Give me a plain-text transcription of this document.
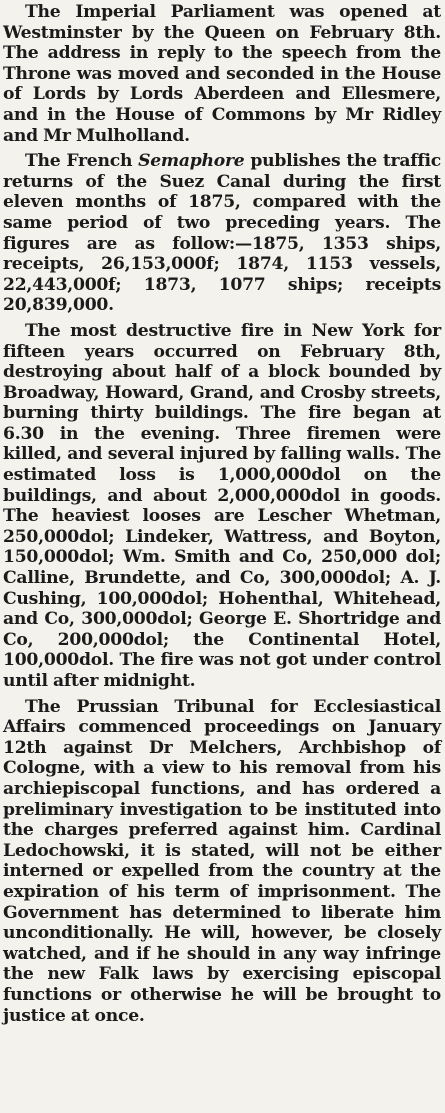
The Imperial Parliament was opened at Westminster by the Queen on February 8th. The address in reply to the speech from the Throne was moved and seconded in the House of Lords by Lords Aberdeen and Ellesmere, and in the House of Commons by Mr Ridley and Mr Mulholland.

The French Semaphore publishes the traffic returns of the Suez Canal during the first eleven months of 1875, compared with the same period of two preceding years. The figures are as follow:—1875, 1353 ships, receipts, 26,153,000f; 1874, 1153 vessels, 22,443,000f; 1873, 1077 ships; receipts 20,839,000.

The most destructive fire in New York for fifteen years occurred on February 8th, destroying about half of a block bounded by Broadway, Howard, Grand, and Crosby streets, burning thirty buildings. The fire began at 6.30 in the evening. Three firemen were killed, and several injured by falling walls. The estimated loss is 1,000,000dol on the buildings, and about 2,000,000dol in goods. The heaviest looses are Lescher Whetman, 250,000dol; Lindeker, Wattress, and Boyton, 150,000dol; Wm. Smith and Co, 250,000 dol; Calline, Brundette, and Co, 300,000dol; A. J. Cushing, 100,000dol; Hohenthal, Whitehead, and Co, 300,000dol; George E. Shortridge and Co, 200,000dol; the Continental Hotel, 100,000dol. The fire was not got under control until after midnight.

The Prussian Tribunal for Ecclesiastical Affairs commenced proceedings on January 12th against Dr Melchers, Archbishop of Cologne, with a view to his removal from his archiepiscopal functions, and has ordered a preliminary investigation to be instituted into the charges preferred against him. Cardinal Ledochowski, it is stated, will not be either interned or expelled from the country at the expiration of his term of imprisonment. The Government has determined to liberate him unconditionally. He will, however, be closely watched, and if he should in any way infringe the new Falk laws by exercising episcopal functions or otherwise he will be brought to justice at once.
